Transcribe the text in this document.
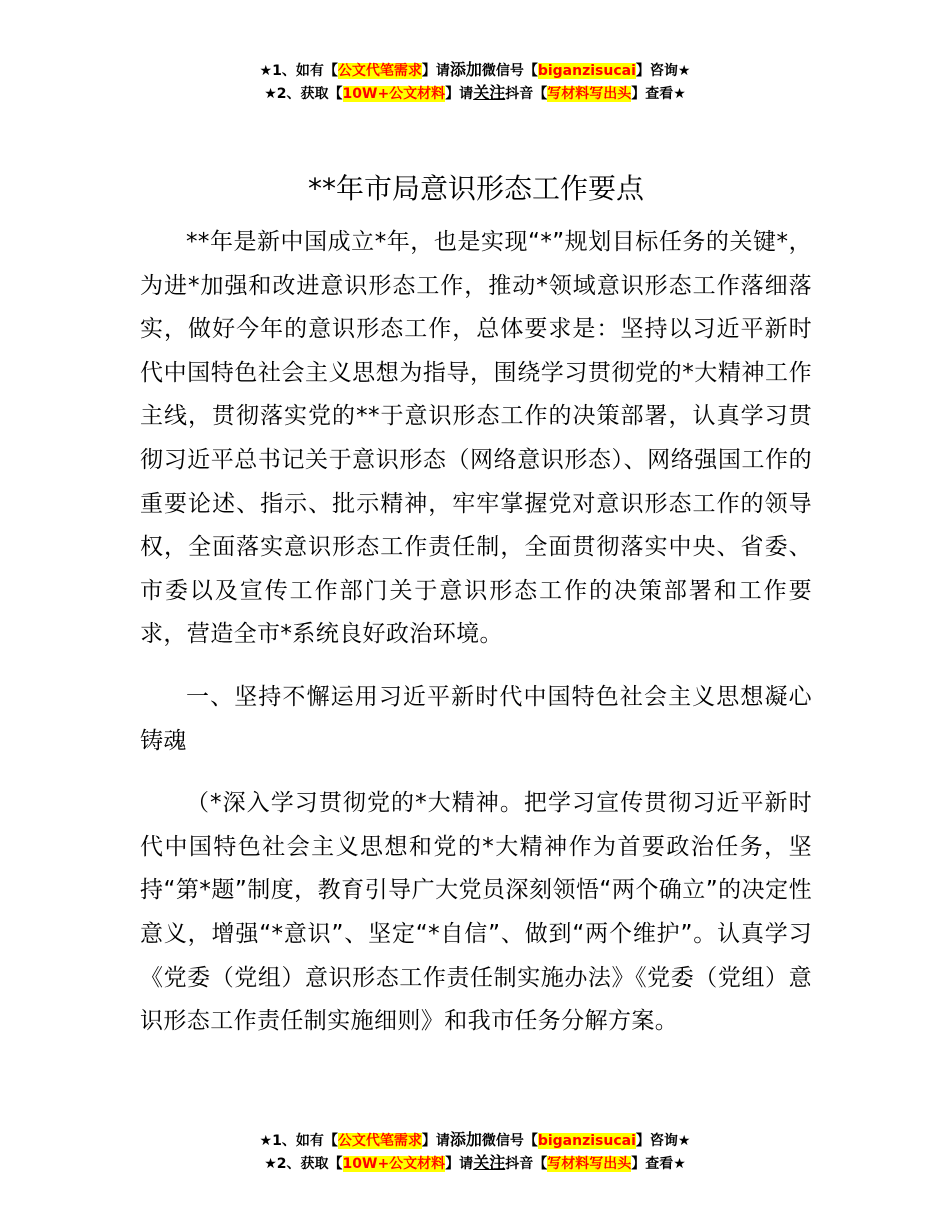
★1、如有【公文代笔需求】请添加微信号【biganzisucai】咨询★
★2、获取【10W+公文材料】请关注抖音【写材料写出头】查看★
**年市局意识形态工作要点

**年是新中国成立*年，也是实现“*”规划目标任务的关键*，为进*加强和改进意识形态工作，推动*领域意识形态工作落细落实，做好今年的意识形态工作，总体要求是：坚持以习近平新时代中国特色社会主义思想为指导，围绕学习贯彻党的*大精神工作主线，贯彻落实党的**于意识形态工作的决策部署，认真学习贯彻习近平总书记关于意识形态（网络意识形态）、网络强国工作的重要论述、指示、批示精神，牢牢掌握党对意识形态工作的领导权，全面落实意识形态工作责任制，全面贯彻落实中央、省委、市委以及宣传工作部门关于意识形态工作的决策部署和工作要求，营造全市*系统良好政治环境。

一、坚持不懈运用习近平新时代中国特色社会主义思想凝心铸魂

（*深入学习贯彻党的*大精神。把学习宣传贯彻习近平新时代中国特色社会主义思想和党的*大精神作为首要政治任务，坚持“第*题”制度，教育引导广大党员深刻领悟“两个确立”的决定性意义，增强“*意识”、坚定“*自信”、做到“两个维护”。认真学习《党委（党组）意识形态工作责任制实施办法》《党委（党组）意识形态工作责任制实施细则》和我市任务分解方案。

★1、如有【公文代笔需求】请添加微信号【biganzisucai】咨询★
★2、获取【10W+公文材料】请关注抖音【写材料写出头】查看★
